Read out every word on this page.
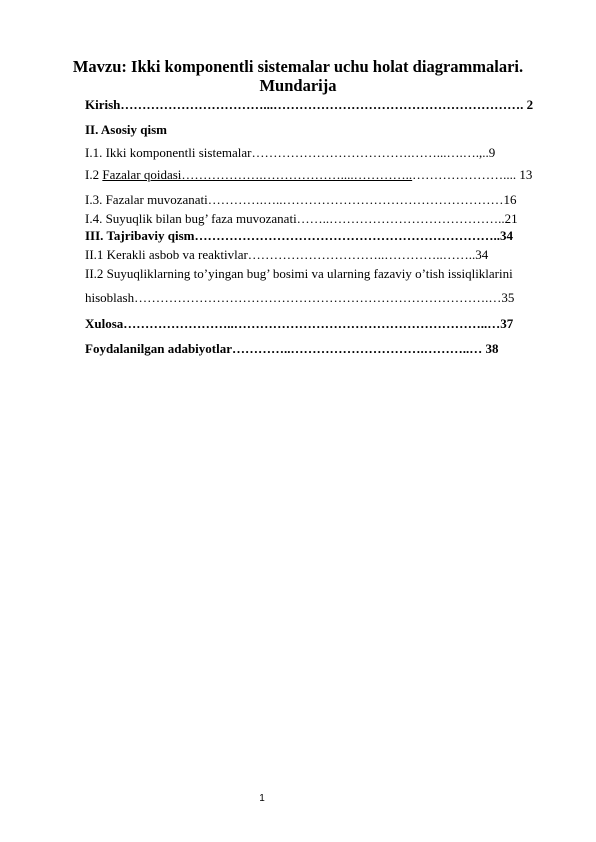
Mavzu: Ikki komponentli sistemalar uchu holat diagrammalari.
Mundarija
Kirish……………………………...…………………………………………………. 2
II. Asosiy qism
I.1. Ikki komponentli sistemalar……………………………….……...….….,..9
I.2 Fazalar qoidasi……………….………………....…………..………………….... 13
I.3. Fazalar muvozanati………….…..……………………………………………16
I.4. Suyuqlik bilan bug’ faza muvozanati……..…………………………………..21
III. Tajribaviy qism……………………………………………………………..34
II.1 Kerakli asbob va reaktivlar…………………………..…………..……..34
II.2 Suyuqliklarning to’yingan bug’ bosimi va ularning fazaviy o’tish issiqliklarini
hisoblash……………………………………………………………………….…35
Xulosa……………………..…………………………………………………..…37
Foydalanilgan adabiyotlar…………..………………………….………..… 38
1
